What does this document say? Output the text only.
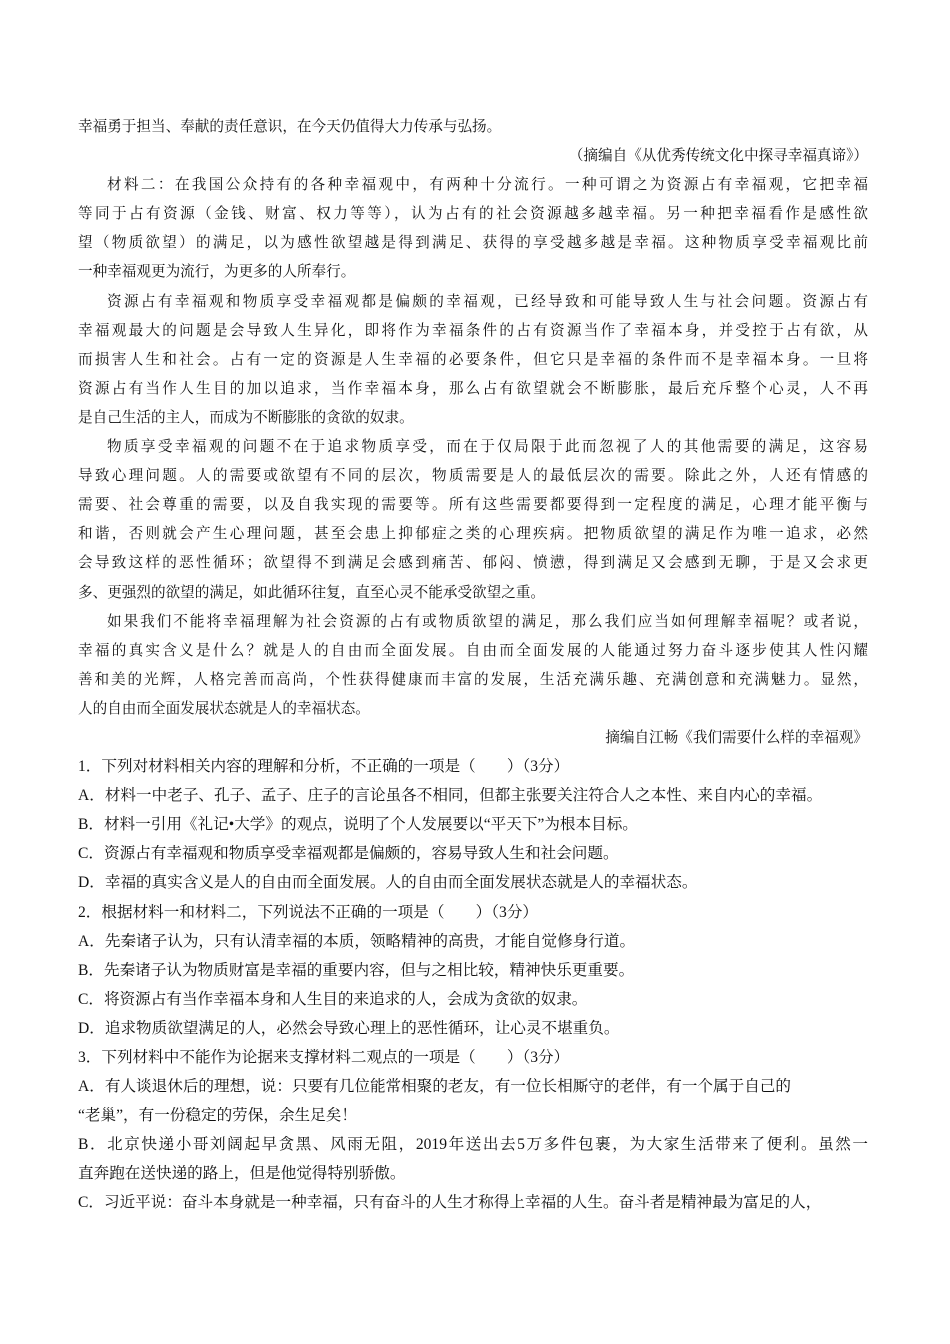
幸福勇于担当、奉献的责任意识，在今天仍值得大力传承与弘扬。
（摘编自《从优秀传统文化中探寻幸福真谛》）
材料二：在我国公众持有的各种幸福观中，有两种十分流行。一种可谓之为资源占有幸福观，它把幸福
等同于占有资源（金钱、财富、权力等等），认为占有的社会资源越多越幸福。另一种把幸福看作是感性欲
望（物质欲望）的满足，以为感性欲望越是得到满足、获得的享受越多越是幸福。这种物质享受幸福观比前
一种幸福观更为流行，为更多的人所奉行。
资源占有幸福观和物质享受幸福观都是偏颇的幸福观，已经导致和可能导致人生与社会问题。资源占有
幸福观最大的问题是会导致人生异化，即将作为幸福条件的占有资源当作了幸福本身，并受控于占有欲，从
而损害人生和社会。占有一定的资源是人生幸福的必要条件，但它只是幸福的条件而不是幸福本身。一旦将
资源占有当作人生目的加以追求，当作幸福本身，那么占有欲望就会不断膨胀，最后充斥整个心灵，人不再
是自己生活的主人，而成为不断膨胀的贪欲的奴隶。
物质享受幸福观的问题不在于追求物质享受，而在于仅局限于此而忽视了人的其他需要的满足，这容易
导致心理问题。人的需要或欲望有不同的层次，物质需要是人的最低层次的需要。除此之外，人还有情感的
需要、社会尊重的需要，以及自我实现的需要等。所有这些需要都要得到一定程度的满足，心理才能平衡与
和谐，否则就会产生心理问题，甚至会患上抑郁症之类的心理疾病。把物质欲望的满足作为唯一追求，必然
会导致这样的恶性循环；欲望得不到满足会感到痛苦、郁闷、愤懑，得到满足又会感到无聊，于是又会求更
多、更强烈的欲望的满足，如此循环往复，直至心灵不能承受欲望之重。
如果我们不能将幸福理解为社会资源的占有或物质欲望的满足，那么我们应当如何理解幸福呢？或者说，
幸福的真实含义是什么？就是人的自由而全面发展。自由而全面发展的人能通过努力奋斗逐步使其人性闪耀
善和美的光辉，人格完善而高尚，个性获得健康而丰富的发展，生活充满乐趣、充满创意和充满魅力。显然，
人的自由而全面发展状态就是人的幸福状态。
摘编自江畅《我们需要什么样的幸福观》
1．下列对材料相关内容的理解和分析，不正确的一项是（　　）（3分）
A．材料一中老子、孔子、孟子、庄子的言论虽各不相同，但都主张要关注符合人之本性、来自内心的幸福。
B．材料一引用《礼记•大学》的观点，说明了个人发展要以“平天下”为根本目标。
C．资源占有幸福观和物质享受幸福观都是偏颇的，容易导致人生和社会问题。
D．幸福的真实含义是人的自由而全面发展。人的自由而全面发展状态就是人的幸福状态。
2．根据材料一和材料二，下列说法不正确的一项是（　　）（3分）
A．先秦诸子认为，只有认清幸福的本质，领略精神的高贵，才能自觉修身行道。
B．先秦诸子认为物质财富是幸福的重要内容，但与之相比较，精神快乐更重要。
C．将资源占有当作幸福本身和人生目的来追求的人，会成为贪欲的奴隶。
D．追求物质欲望满足的人，必然会导致心理上的恶性循环，让心灵不堪重负。
3．下列材料中不能作为论据来支撑材料二观点的一项是（　　）（3分）
A．有人谈退休后的理想，说：只要有几位能常相聚的老友，有一位长相厮守的老伴，有一个属于自己的
“老巢”，有一份稳定的劳保，余生足矣！
B．北京快递小哥刘阔起早贪黑、风雨无阻，2019年送出去5万多件包裹，为大家生活带来了便利。虽然一
直奔跑在送快递的路上，但是他觉得特别骄傲。
C．习近平说：奋斗本身就是一种幸福，只有奋斗的人生才称得上幸福的人生。奋斗者是精神最为富足的人，
